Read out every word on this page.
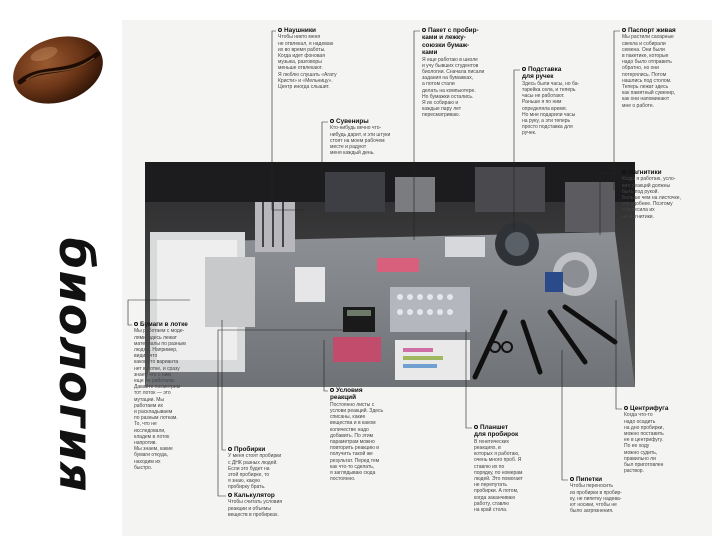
биология
Наушники
Чтобы никто меня
не отвлекал, я надеваю
их во время работы.
Когда идет фоновая
музыка, разговоры
меньше отвлекают.
Я люблю слушать «Агату
Кристи» и «Мельницу».
Центр иногда слышит.
Сувениры
Кто-нибудь вечно что-
нибудь дарит, и эти штуки
стоят на моем рабочем
месте и радуют
меня каждый день.
Пакет с пробир-
ками и лежку-
союзки бумаж-
ками
Я еще работаю в школе
и учу бывших студентов
биологии. Сначала писали
задания на бумажках,
а потом стали
делать на компьютере.
Но бумажки остались.
Я их собираю и
каждые пару лет
пересматриваю.
Подставка
для ручек
Здесь были часы, но ба-
тарейка села, и теперь
часы не работают.
Раньше я по ним
определяла время.
Но мне подарили часы
на руку, а эти теперь
просто подставка для
ручек.
Паспорт живая
Мы растили сахарные
свекла и собирали
семена. Они были
в пакетике, которые
надо было отправить
обратно, но они
потерялись. Потом
нашлись под столом.
Теперь лежат здесь
как памятный сувенир,
как они напоминают
мне о работе.
Магнитики
Когда я работаю, усло-
вия реакций должны
быть под рукой.
Больше чем на листочке,
это удобнее. Поэтому
я повесила их
на магнитики.
Бумаги в лотке
Мы работаем с моде-
лями, здесь лежат
материалы по разным
людям. Например,
видит, что
какого-то варианта
нет в лотке, и сразу
знает, что с ним
еще не работали.
Давайте посмотрим
тот лоток — это
мутации. Мы
работаем их
и раскладываем
по разным лоткам.
То, что не
исследовали,
кладем в лоток
напротив.
Мы знаем, какие
бумаги откуда,
находим их
быстро.
Условия
реакций
Постоянно листы с
услови реакций. Здесь
списаны, какие
вещества и в каком
количестве надо
добавить. По этим
параметрам можно
повторить реакцию и
получить такой же
результат. Перед тем
как что-то сделать,
я заглядываю сюда
постоянно.
Пробирки
У меня стоят пробирки
с ДНК разных людей.
Если это будет на
этой пробирке, то
я знаю, какую
пробирку брать.
Калькулятор
Чтобы считать условия
реакции и объемы
веществ в пробирках.
Планшет
для пробирок
В генетических
реакциях, в
которых я работаю,
очень много проб. Я
ставлю их по
порядку, по номерам
людей. Это помогает
не перепутать
пробирки. А потом,
когда заканчиваю
работу, ставлю
на край стола.
Центрифуга
Когда что-то
надо осадить
на дно пробирки,
можно поставить
ее в центрифугу.
По ее ходу
можно судить,
правильно ли
был приготовлен
раствор.
Пипетки
Чтобы переносить
из пробирки в пробир-
ку, не пипетку надева-
ют носики, чтобы не
было загрязнения.
